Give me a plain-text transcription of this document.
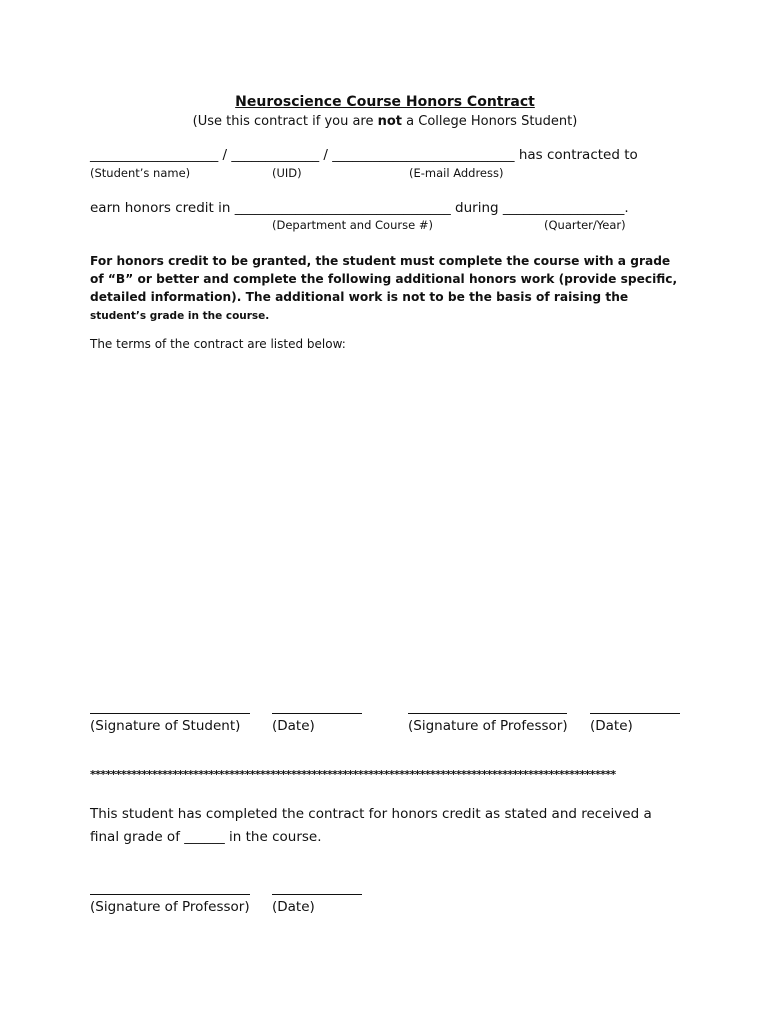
Neuroscience Course Honors Contract
(Use this contract if you are not a College Honors Student)
___________________ / _____________ / ___________________________ has contracted to
(Student’s name)	(UID)	(E-mail Address)
earn honors credit in ________________________________ during __________________.
(Department and Course #)	(Quarter/Year)
For honors credit to be granted, the student must complete the course with a grade of “B” or better and complete the following additional honors work (provide specific, detailed information). The additional work is not to be the basis of raising the student’s grade in the course.
The terms of the contract are listed below:
(Signature of Student) (Date)	(Signature of Professor) (Date)
******************************************************************************************************
This student has completed the contract for honors credit as stated and received a final grade of ______ in the course.
(Signature of Professor) (Date)
